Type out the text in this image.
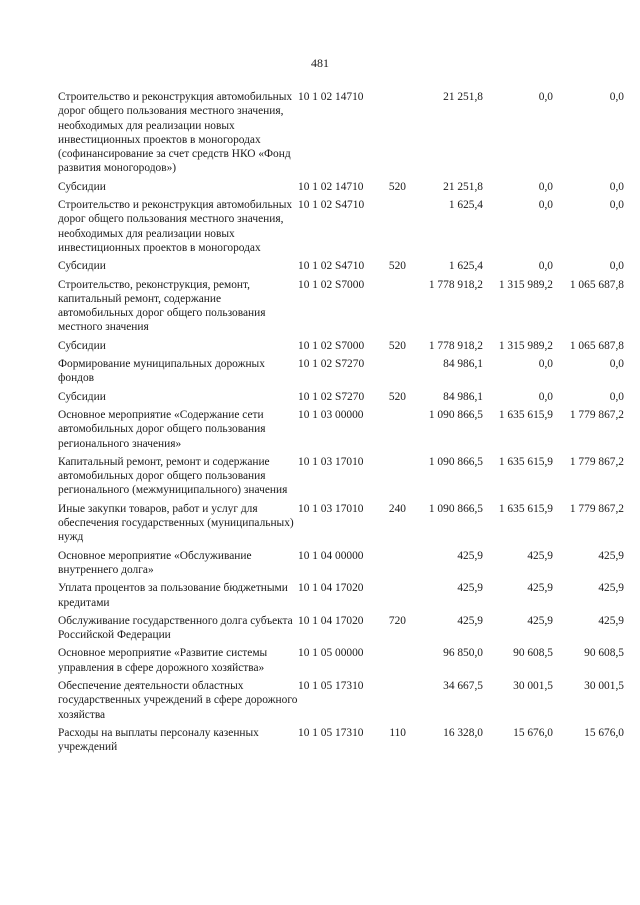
481
Строительство и реконструкция автомобильных дорог общего пользования местного значения, необходимых для реализации новых инвестиционных проектов в моногородах (софинансирование за счет средств НКО «Фонд развития моногородов»)	10 1 02 14710		21 251,8	0,0	0,0
Субсидии	10 1 02 14710	520	21 251,8	0,0	0,0
Строительство и реконструкция автомобильных дорог общего пользования местного значения, необходимых для реализации новых инвестиционных проектов в моногородах	10 1 02 S4710		1 625,4	0,0	0,0
Субсидии	10 1 02 S4710	520	1 625,4	0,0	0,0
Строительство, реконструкция, ремонт, капитальный ремонт, содержание автомобильных дорог общего пользования местного значения	10 1 02 S7000		1 778 918,2	1 315 989,2	1 065 687,8
Субсидии	10 1 02 S7000	520	1 778 918,2	1 315 989,2	1 065 687,8
Формирование муниципальных дорожных фондов	10 1 02 S7270		84 986,1	0,0	0,0
Субсидии	10 1 02 S7270	520	84 986,1	0,0	0,0
Основное мероприятие «Содержание сети автомобильных дорог общего пользования регионального значения»	10 1 03 00000		1 090 866,5	1 635 615,9	1 779 867,2
Капитальный ремонт, ремонт и содержание автомобильных дорог общего пользования регионального (межмуниципального) значения	10 1 03 17010		1 090 866,5	1 635 615,9	1 779 867,2
Иные закупки товаров, работ и услуг для обеспечения государственных (муниципальных) нужд	10 1 03 17010	240	1 090 866,5	1 635 615,9	1 779 867,2
Основное мероприятие «Обслуживание внутреннего долга»	10 1 04 00000		425,9	425,9	425,9
Уплата процентов за пользование бюджетными кредитами	10 1 04 17020		425,9	425,9	425,9
Обслуживание государственного долга субъекта Российской Федерации	10 1 04 17020	720	425,9	425,9	425,9
Основное мероприятие «Развитие системы управления в сфере дорожного хозяйства»	10 1 05 00000		96 850,0	90 608,5	90 608,5
Обеспечение деятельности областных государственных учреждений в сфере дорожного хозяйства	10 1 05 17310		34 667,5	30 001,5	30 001,5
Расходы на выплаты персоналу казенных учреждений	10 1 05 17310	110	16 328,0	15 676,0	15 676,0
